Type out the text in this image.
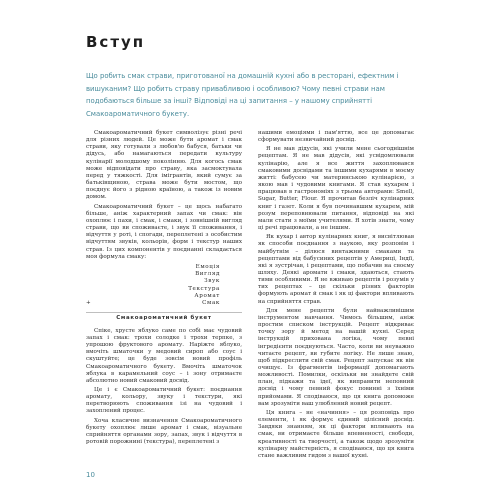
Вступ

Що робить смак страви, приготованої на домашній кухні або в ресторані, ефектним і вишуканим? Що робить страву привабливою і особливою? Чому певні страви нам подобаються більше за інші? Відповіді на ці запитання – у нашому сприйнятті Смакоароматичного букету.

Смакоароматичний букет символізує різні речі для різних людей. Це може бути аромат і смак страви, яку готували з любов'ю бабуся, батьки чи дідусь, або намагаються передати культуру кулінарії молодшому поколінню. Для когось смак може відповідати про страву, яка засмоктувала перед у тяжкості. Для імігрантів, який сумує за батьківщиною, страва може бути мостом, що поєднує його з рідною країною, а також із новим домом.

Смакоароматичний букет – це щось набагато більше, аніж характерний запах чи смак: він охоплює і пахи, і смак, і смаки, і зовнішній вигляд страви, що ви споживаєте, і звук її споживання, і відчуття у роті, і спогади, переплетені з особистим відчуттям звуків, кольорів, форм і текстур наших страв. Із цих компонентів у поєднанні складається моя формула смаку:

Емоція
Вигляд
Звук
Текстура
Аромат
Смак
+
Смакоароматичний букет

Спіке, хрусте яблуко саме по собі має чудовий запах і смак: трохи солодке і трохи терпке, з упрошою фруктового аромату. Наріжте яблуко, вмочіть шматочки у медовий сироп або соус і скуштуйте; це буде зовсім новий профіль Смакоароматичного букету. Вмочіть шматочок яблука в карамельний соус – і зону отримаєте абсолютно новий смаковий досвід.

Це і є Смакоароматичний букет: поєднання аромату, кольору, звуку і текстури, які перетворюють споживання ізі на чудовий і захоплений процес.

Хоча класичне визначення Смакоароматичного букету охоплює лише аромат і смак, візуальне сприйняття органами зору, запах, звук і відчуття в ротовій порожнині (текстура), переплетені з

нашими емоціями і пам'яттю, все це допомагає сформувати незвичайний досвід.

Я не мав дідусів, які учили мене сьогоднішнім рецептам. Я не мав дідусів, які усвідомлювали кулінарію, але я все життя захоплювався смаковими досвідами та іншими кухарями в моєму житті: бабусею чи материнською кулінарією, з якою мав і чудовими книгами. Я став кухарем і працював в гастрономіях з трьома авторами: Smell, Sugar, Butter, Flour. Я прочитав безліч кулінарних книг і газет. Коли я був починавшим кухарем, мій розум переповнювали питання, відповіді на які мали стати з моїми учителями. Я хотів знати, чому ці речі працювали, а не іншим.

Як кухар і автор кулінарних книг, я висвітлював як способи поєднання з наукою, яку розповім і майбутнім – ділюся винтажними смаками та рецептами від бабусиних рецептів у Америці, Індії, які я зустрічав, і рецептами, що побачив на своєму шляху. Деякі аромати і смаки, здаються, стають тими особливими. Я не вживаю рецептів і розумів у тих рецептах – це скільки різних факторів формують аромат й смак і як ці фактори впливають на сприйняття страв.

Для мене рецепти були найважливішим інструментом навчання. Чимось більшим, аніж простим списком інструкцій. Рецепт відкриває точку зору й метод на вашій кухні. Серед інструкцій прихована логіка, чому певні інгредієнти поєднуються. Часто, коли ви неуважно читаєте рецепт, ви губите логіку. Не лише знаю, щоб підкреслити свій смак. Рецепт запускає як він очищує. Із фрагментів інформації допомагають можливості. Помилки, оскільки ви знайдете свій план, підкажи та ідеї, як виправити неповний досвід і чому певний фокус повинні з їхніми прийомами. Я сподіваюся, що ця книга допоможе вам зрозуміти ваш улюблений новий рецепт.

Ця книга – не «начиння» – ця розповідь про елементи, і як формує єдиний цілісний досвід. Завдяки знанням, як ці фактори впливають на смак, ви отримаєте більше впевненості, свободи, креативності та творчості, а також щодо зрозуміти кулінарну майстерність, я сподіваюся, що ця книга стане важливим гидом з вашої кухні.

10
